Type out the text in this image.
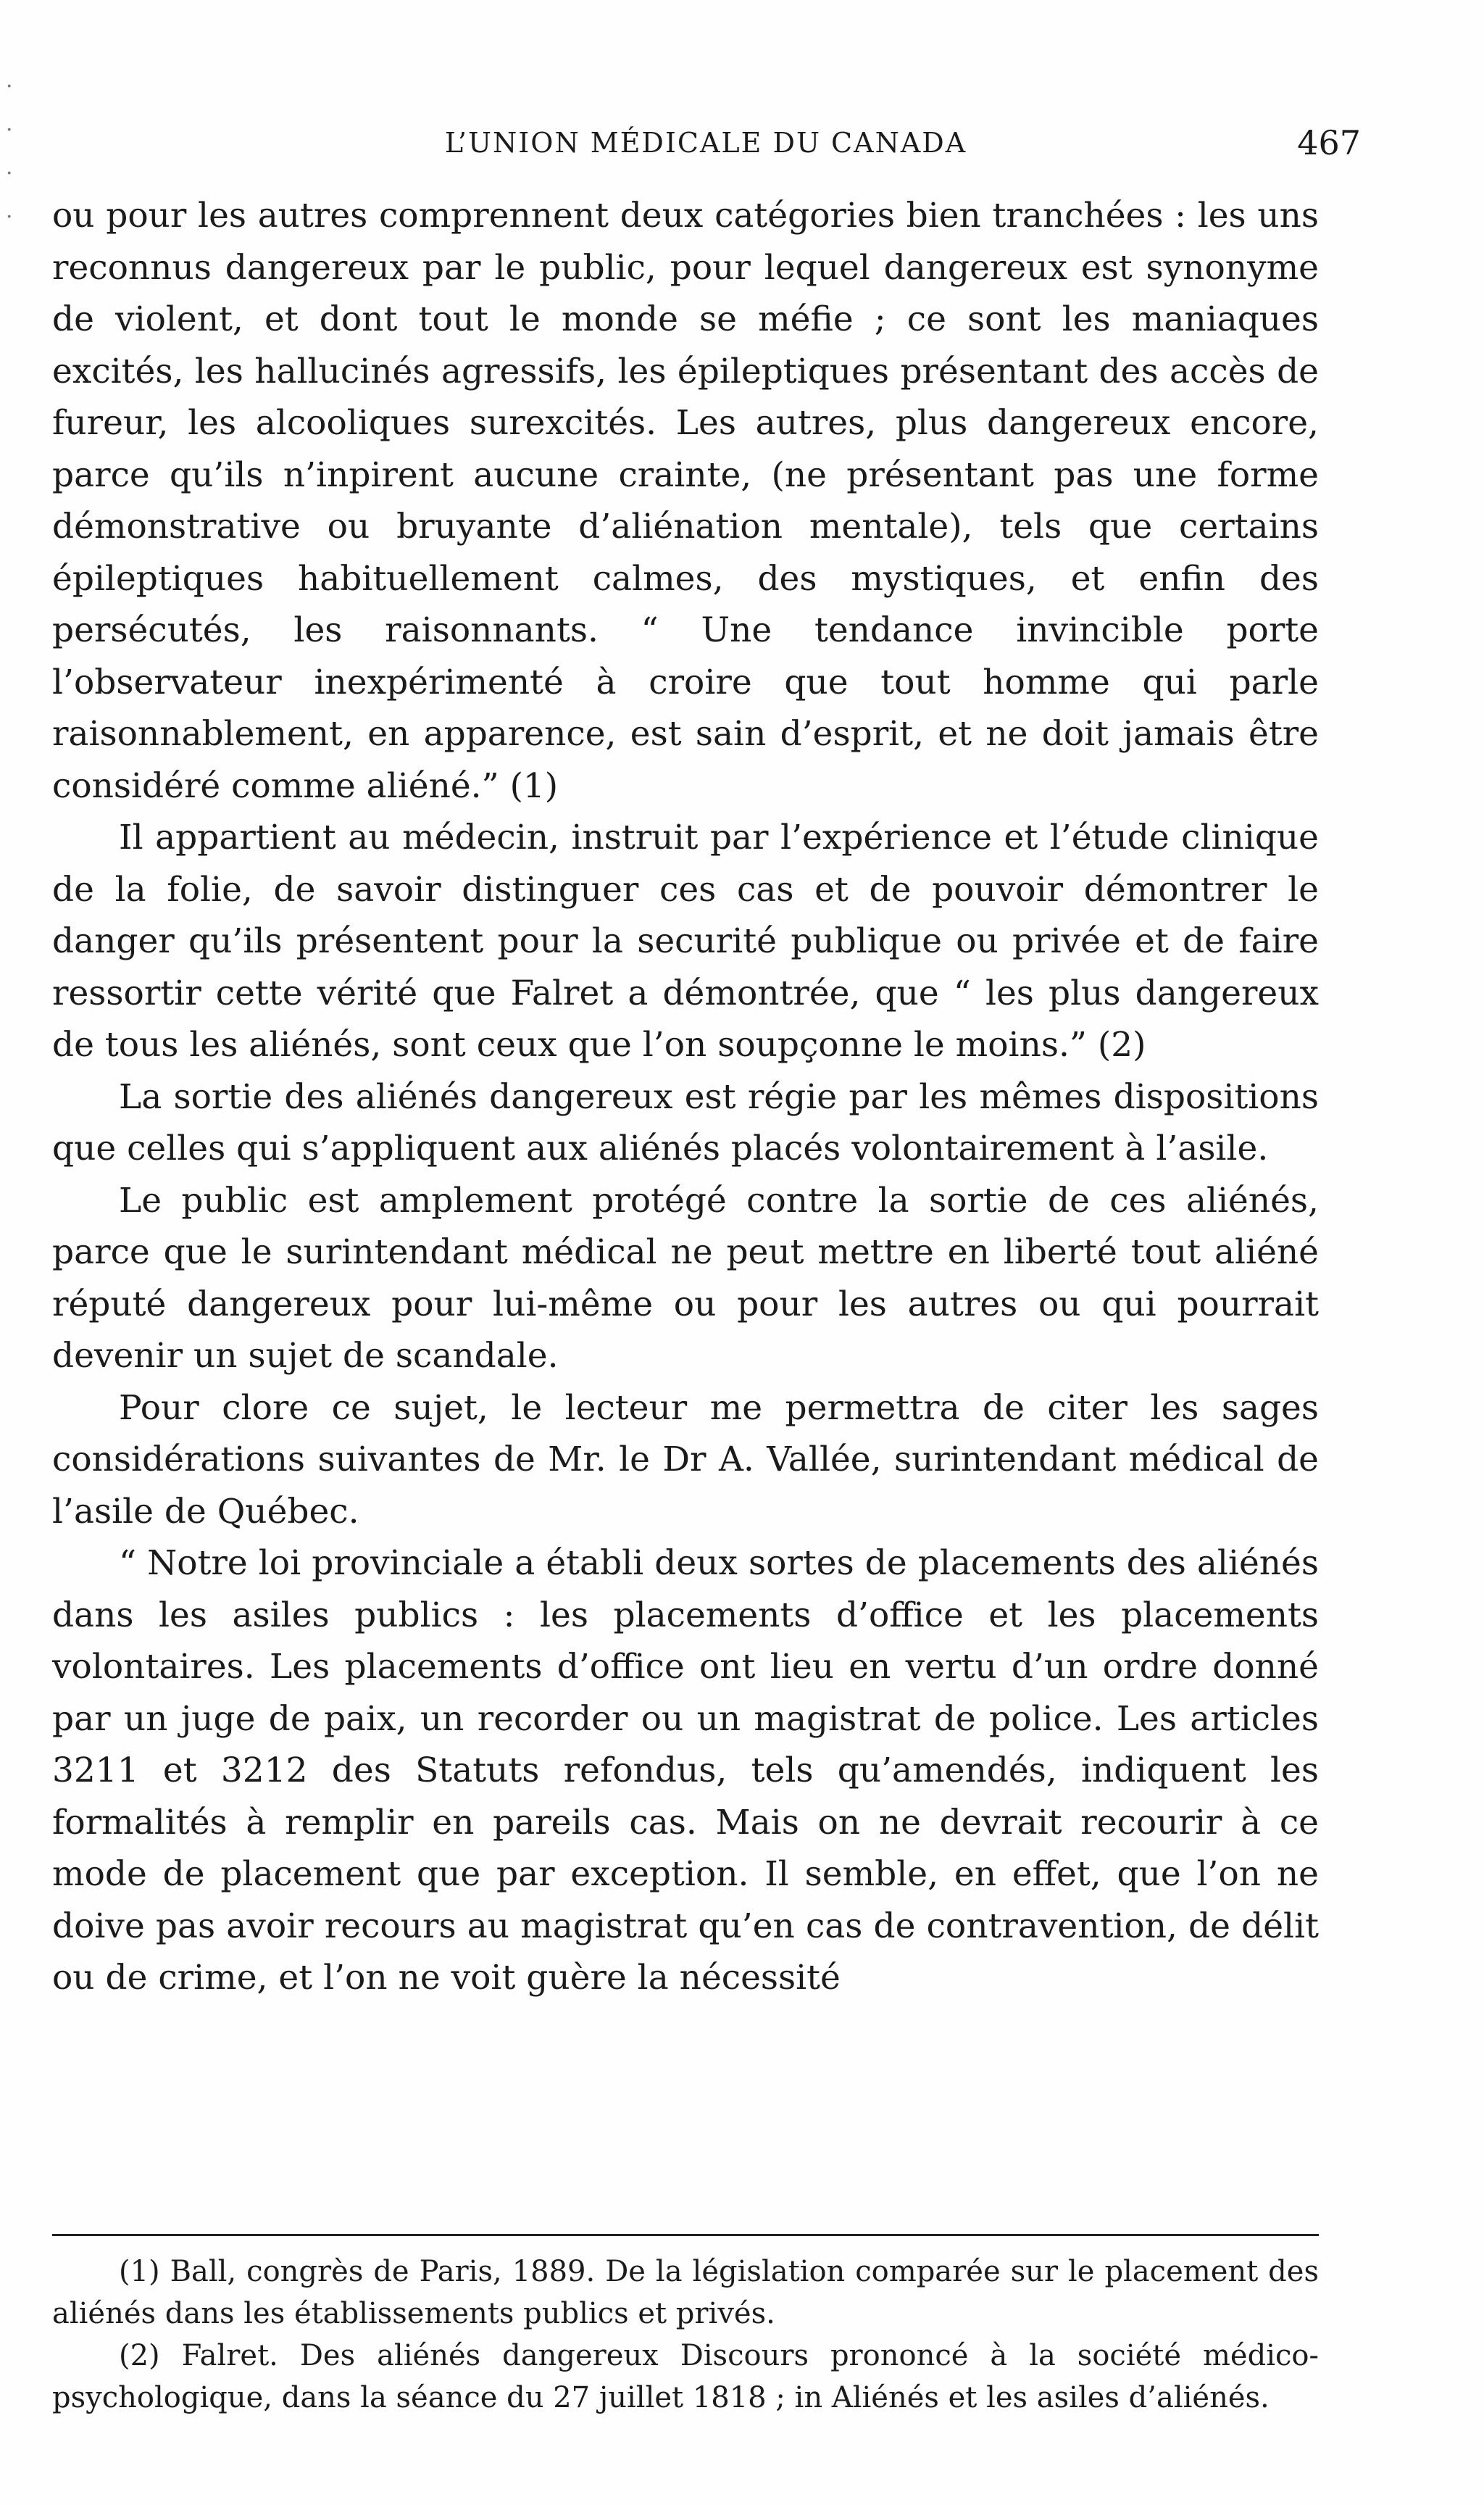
·
·
·
·
L’UNION MÉDICALE DU CANADA	467

ou pour les autres comprennent deux catégories bien tranchées : les uns reconnus dangereux par le public, pour lequel dangereux est synonyme de violent, et dont tout le monde se méfie ; ce sont les maniaques excités, les hallucinés agressifs, les épileptiques présentant des accès de fureur, les alcooliques surexcités. Les autres, plus dangereux encore, parce qu’ils n’inpirent aucune crainte, (ne présentant pas une forme démonstrative ou bruyante d’aliénation mentale), tels que certains épileptiques habituellement calmes, des mystiques, et enfin des persécutés, les raisonnants. “ Une tendance invincible porte l’observateur inexpérimenté à croire que tout homme qui parle raisonnablement, en apparence, est sain d’esprit, et ne doit jamais être considéré comme aliéné.” (1)

Il appartient au médecin, instruit par l’expérience et l’étude clinique de la folie, de savoir distinguer ces cas et de pouvoir démontrer le danger qu’ils présentent pour la securité publique ou privée et de faire ressortir cette vérité que Falret a démontrée, que “ les plus dangereux de tous les aliénés, sont ceux que l’on soupçonne le moins.” (2)

La sortie des aliénés dangereux est régie par les mêmes dispositions que celles qui s’appliquent aux aliénés placés volontairement à l’asile.

Le public est amplement protégé contre la sortie de ces aliénés, parce que le surintendant médical ne peut mettre en liberté tout aliéné réputé dangereux pour lui-même ou pour les autres ou qui pourrait devenir un sujet de scandale.

Pour clore ce sujet, le lecteur me permettra de citer les sages considérations suivantes de Mr. le Dr A. Vallée, surintendant médical de l’asile de Québec.

“ Notre loi provinciale a établi deux sortes de placements des aliénés dans les asiles publics : les placements d’office et les placements volontaires. Les placements d’office ont lieu en vertu d’un ordre donné par un juge de paix, un recorder ou un magistrat de police. Les articles 3211 et 3212 des Statuts refondus, tels qu’amendés, indiquent les formalités à remplir en pareils cas. Mais on ne devrait recourir à ce mode de placement que par exception. Il semble, en effet, que l’on ne doive pas avoir recours au magistrat qu’en cas de contravention, de délit ou de crime, et l’on ne voit guère la nécessité

(1) Ball, congrès de Paris, 1889. De la législation comparée sur le placement des aliénés dans les établissements publics et privés.

(2) Falret. Des aliénés dangereux Discours prononcé à la société médico-psychologique, dans la séance du 27 juillet 1818 ; in Aliénés et les asiles d’aliénés.
